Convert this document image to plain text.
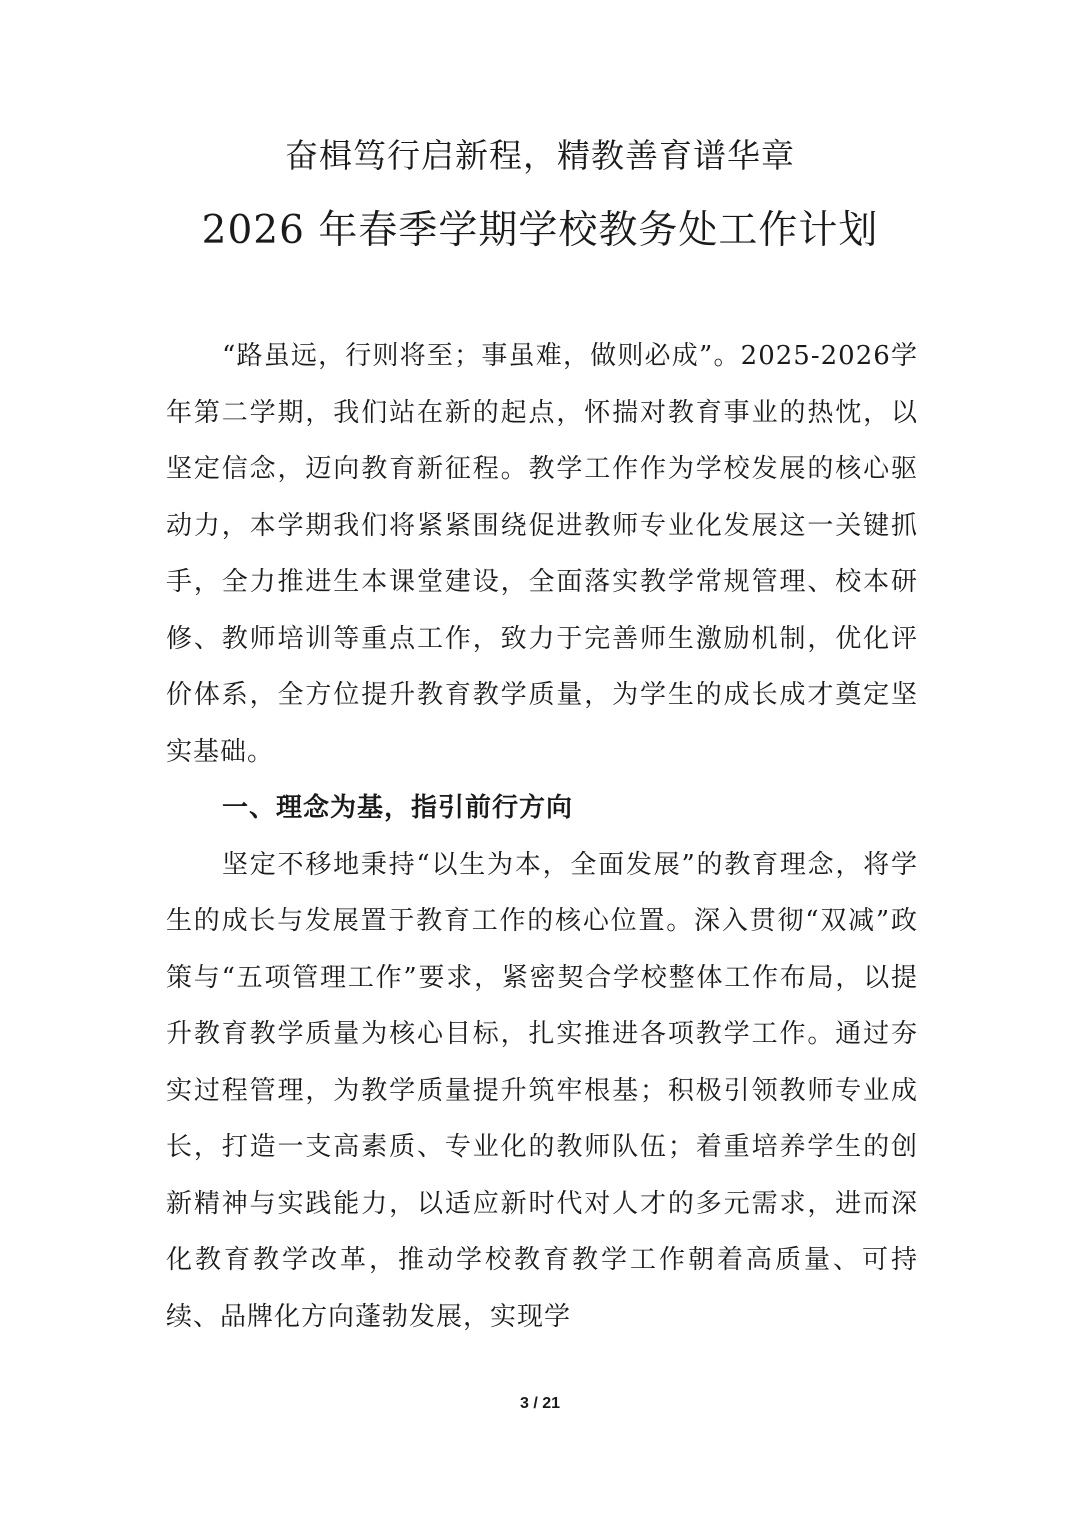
奋楫笃行启新程，精教善育谱华章
2026 年春季学期学校教务处工作计划

“路虽远，行则将至；事虽难，做则必成”。2025-2026学年第二学期，我们站在新的起点，怀揣对教育事业的热忱，以坚定信念，迈向教育新征程。教学工作作为学校发展的核心驱动力，本学期我们将紧紧围绕促进教师专业化发展这一关键抓手，全力推进生本课堂建设，全面落实教学常规管理、校本研修、教师培训等重点工作，致力于完善师生激励机制，优化评价体系，全方位提升教育教学质量，为学生的成长成才奠定坚实基础。

一、理念为基，指引前行方向

坚定不移地秉持“以生为本，全面发展”的教育理念，将学生的成长与发展置于教育工作的核心位置。深入贯彻“双减”政策与“五项管理工作”要求，紧密契合学校整体工作布局，以提升教育教学质量为核心目标，扎实推进各项教学工作。通过夯实过程管理，为教学质量提升筑牢根基；积极引领教师专业成长，打造一支高素质、专业化的教师队伍；着重培养学生的创新精神与实践能力，以适应新时代对人才的多元需求，进而深化教育教学改革，推动学校教育教学工作朝着高质量、可持续、品牌化方向蓬勃发展，实现学

3 / 21
